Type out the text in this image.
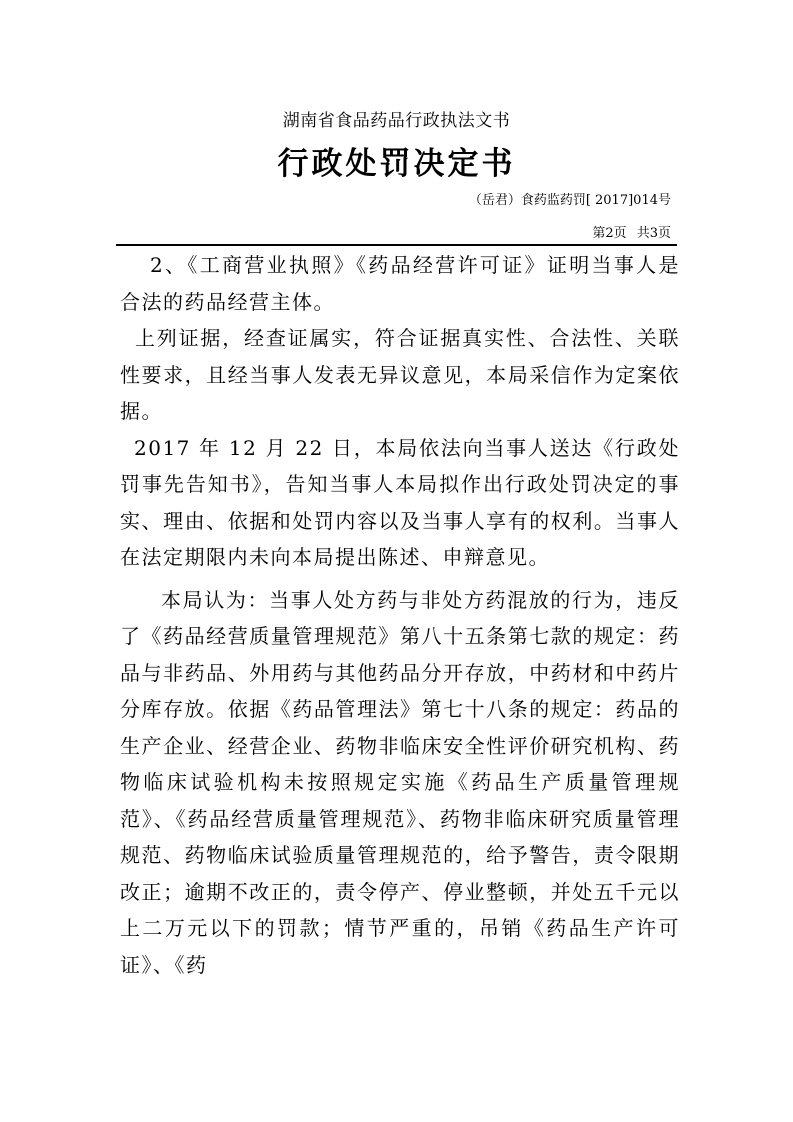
湖南省食品药品行政执法文书
行政处罚决定书
（岳君）食药监药罚[ 2017]014号
第2页 共3页

2、《工商营业执照》《药品经营许可证》证明当事人是合法的药品经营主体。

上列证据，经查证属实，符合证据真实性、合法性、关联性要求，且经当事人发表无异议意见，本局采信作为定案依据。

2017 年 12 月 22 日，本局依法向当事人送达《行政处罚事先告知书》，告知当事人本局拟作出行政处罚决定的事实、理由、依据和处罚内容以及当事人享有的权利。当事人在法定期限内未向本局提出陈述、申辩意见。

本局认为：当事人处方药与非处方药混放的行为，违反了《药品经营质量管理规范》第八十五条第七款的规定：药品与非药品、外用药与其他药品分开存放，中药材和中药片分库存放。依据《药品管理法》第七十八条的规定：药品的生产企业、经营企业、药物非临床安全性评价研究机构、药物临床试验机构未按照规定实施《药品生产质量管理规范》、《药品经营质量管理规范》、药物非临床研究质量管理规范、药物临床试验质量管理规范的，给予警告，责令限期改正；逾期不改正的，责令停产、停业整顿，并处五千元以上二万元以下的罚款；情节严重的，吊销《药品生产许可证》、《药
